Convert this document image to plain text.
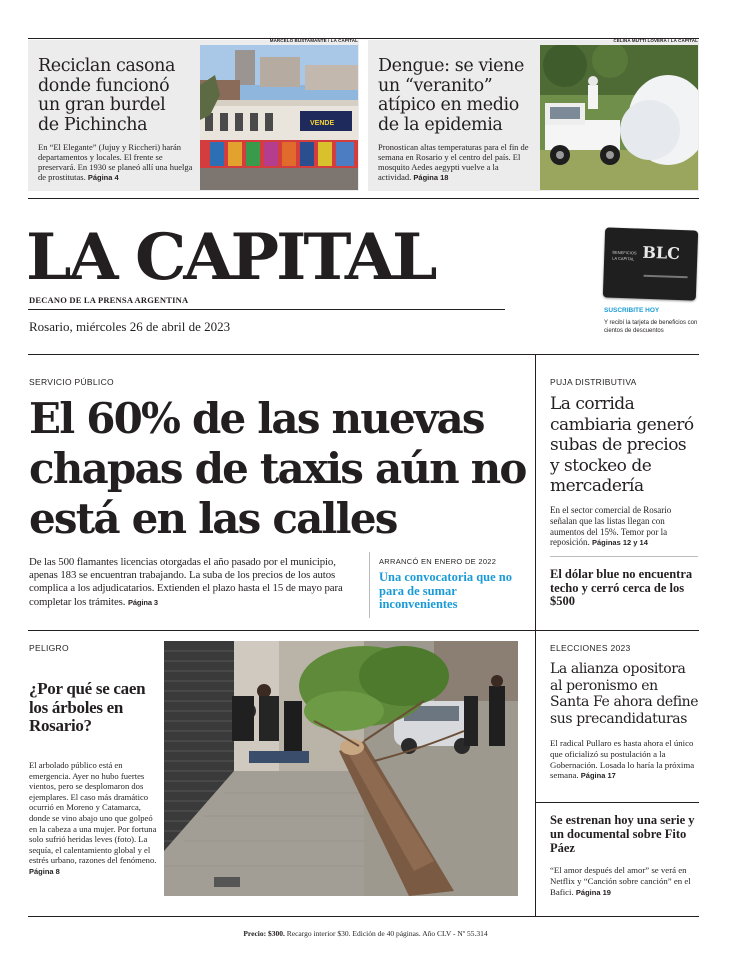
Reciclan casona donde funcionó un gran burdel de Pichincha
En “El Elegante” (Jujuy y Riccheri) harán departamentos y locales. El frente se preservará. En 1930 se planeó allí una huelga de prostitutas. Página 4
MARCELO BUSTAMANTE / LA CAPITAL
VENDE
Dengue: se viene un “veranito” atípico en medio de la epidemia
Pronostican altas temperaturas para el fin de semana en Rosario y el centro del país. El mosquito Aedes aegypti vuelve a la actividad. Página 18
CELINA MUTTI LOVERA / LA CAPITAL
LA CAPITAL
DECANO DE LA PRENSA ARGENTINA
Rosario, miércoles 26 de abril de 2023
BENEFICIOS
LA CAPITAL BLC
SUSCRIBITE HOY
Y recibí la tarjeta de beneficios con cientos de descuentos
SERVICIO PÚBLICO
El 60% de las nuevas chapas de taxis aún no está en las calles
De las 500 flamantes licencias otorgadas el año pasado por el municipio, apenas 183 se encuentran trabajando. La suba de los precios de los autos complica a los adjudicatarios. Extienden el plazo hasta el 15 de mayo para completar los trámites. Página 3
ARRANCÓ EN ENERO DE 2022
Una convocatoria que no para de sumar inconvenientes
PUJA DISTRIBUTIVA
La corrida cambiaria generó subas de precios y stockeo de mercadería
En el sector comercial de Rosario señalan que las listas llegan con aumentos del 15%. Temor por la reposición. Páginas 12 y 14
El dólar blue no encuentra techo y cerró cerca de los $500
PELIGRO
¿Por qué se caen los árboles en Rosario?
El arbolado público está en emergencia. Ayer no hubo fuertes vientos, pero se desplomaron dos ejemplares. El caso más dramático ocurrió en Moreno y Catamarca, donde se vino abajo uno que golpeó en la cabeza a una mujer. Por fortuna solo sufrió heridas leves (foto). La sequía, el calentamiento global y el estrés urbano, razones del fenómeno. Página 8
ELECCIONES 2023
La alianza opositora al peronismo en Santa Fe ahora define sus precandidaturas
El radical Pullaro es hasta ahora el único que oficializó su postulación a la Gobernación. Losada lo haría la próxima semana. Página 17
Se estrenan hoy una serie y un documental sobre Fito Páez
“El amor después del amor” se verá en Netflix y “Canción sobre canción” en el Bafici. Página 19
Precio: $300. Recargo interior $30. Edición de 40 páginas. Año CLV - Nº 55.314
